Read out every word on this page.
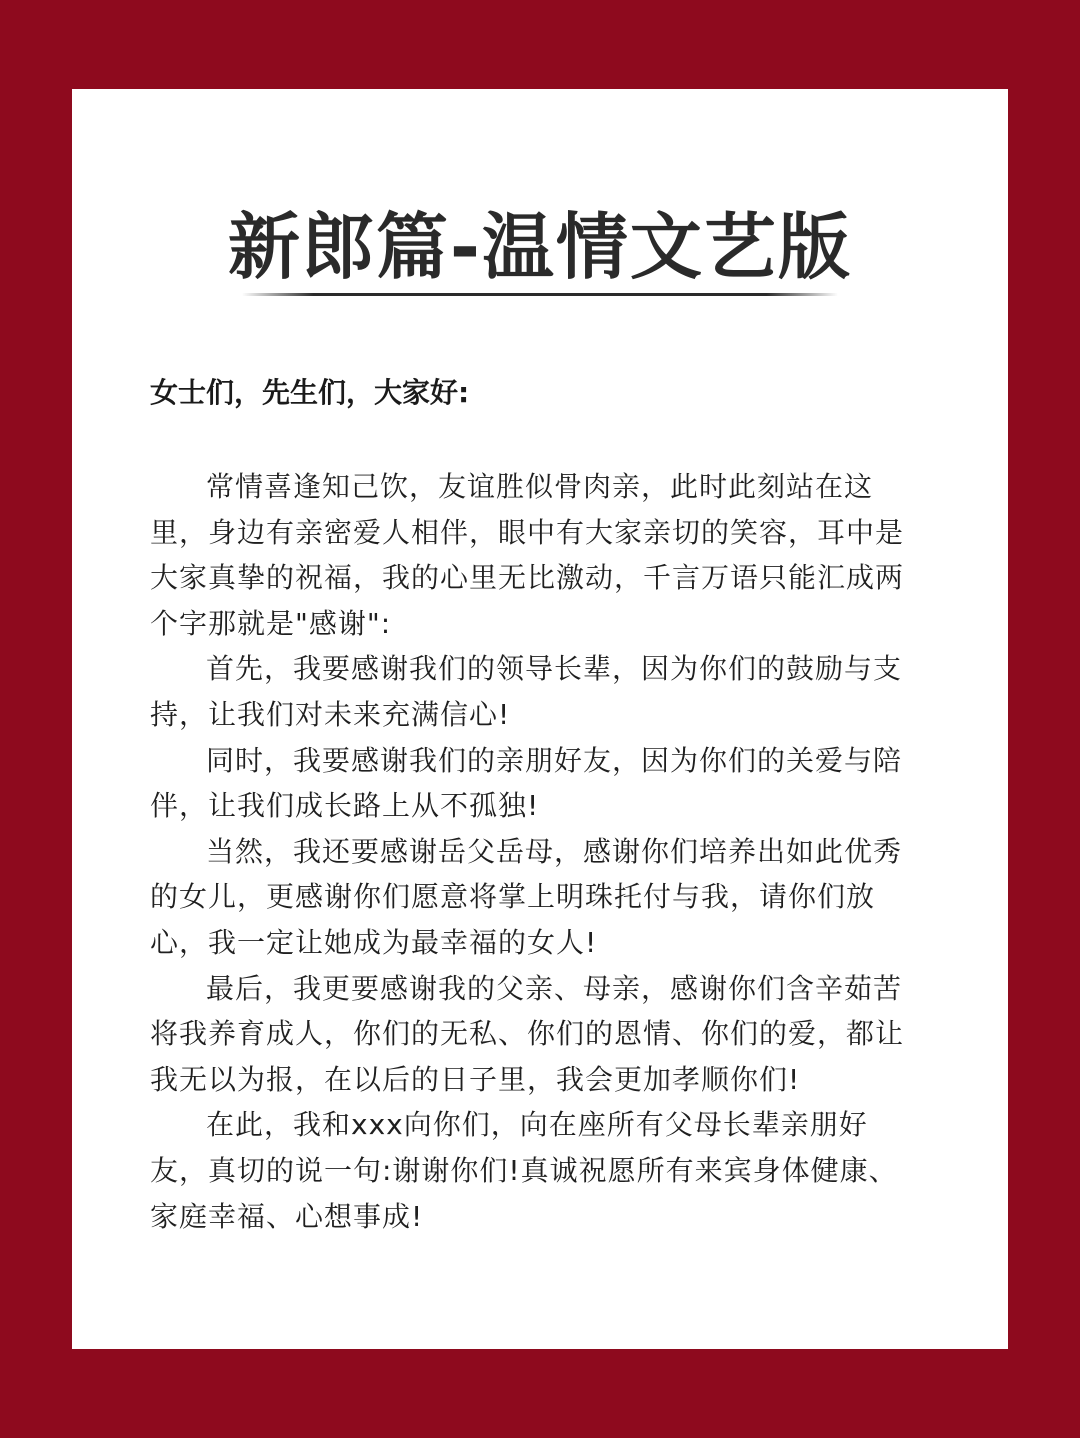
新郎篇-温情文艺版

女士们，先生们，大家好:

常情喜逢知己饮，友谊胜似骨肉亲，此时此刻站在这里，身边有亲密爱人相伴，眼中有大家亲切的笑容，耳中是大家真挚的祝福，我的心里无比激动，千言万语只能汇成两个字那就是"感谢":

首先，我要感谢我们的领导长辈，因为你们的鼓励与支持，让我们对未来充满信心!

同时，我要感谢我们的亲朋好友，因为你们的关爱与陪伴，让我们成长路上从不孤独!

当然，我还要感谢岳父岳母，感谢你们培养出如此优秀的女儿，更感谢你们愿意将掌上明珠托付与我，请你们放心，我一定让她成为最幸福的女人!

最后，我更要感谢我的父亲、母亲，感谢你们含辛茹苦将我养育成人，你们的无私、你们的恩情、你们的爱，都让我无以为报，在以后的日子里，我会更加孝顺你们!

在此，我和xxx向你们，向在座所有父母长辈亲朋好友，真切的说一句:谢谢你们!真诚祝愿所有来宾身体健康、家庭幸福、心想事成!
